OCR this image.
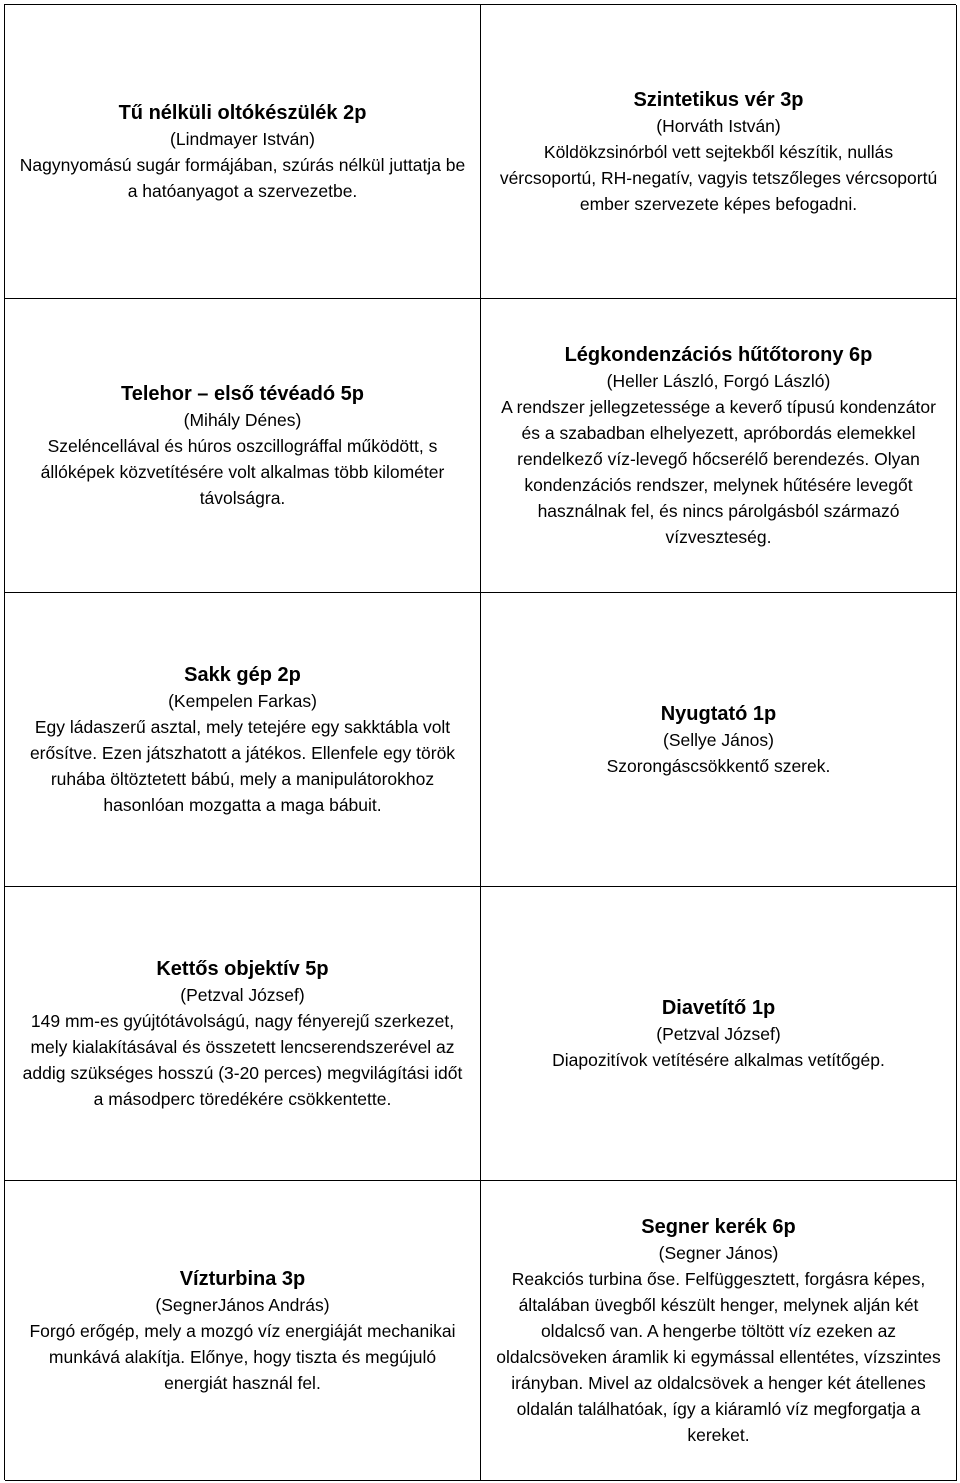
Tű nélküli oltókészülék 2p
(Lindmayer István)
Nagynyomású sugár formájában, szúrás nélkül juttatja be a hatóanyagot a szervezetbe.
Szintetikus vér 3p
(Horváth István)
Köldökzsinórból vett sejtekből készítik, nullás vércsoportú, RH-negatív, vagyis tetszőleges vércsoportú ember szervezete képes befogadni.
Telehor – első tévéadó 5p
(Mihály Dénes)
Szeléncellával és húros oszcillográffal működött, s állóképek közvetítésére volt alkalmas több kilométer távolságra.
Légkondenzációs hűtőtorony 6p
(Heller László, Forgó László)
A rendszer jellegzetessége a keverő típusú kondenzátor és a szabadban elhelyezett, apróbordás elemekkel rendelkező víz-levegő hőcserélő berendezés. Olyan kondenzációs rendszer, melynek hűtésére levegőt használnak fel, és nincs párolgásból származó vízveszteség.
Sakk gép 2p
(Kempelen Farkas)
Egy ládaszerű asztal, mely tetejére egy sakktábla volt erősítve. Ezen játszhatott a játékos. Ellenfele egy török ruhába öltöztetett bábú, mely a manipulátorokhoz hasonlóan mozgatta a maga bábuit.
Nyugtató 1p
(Sellye János)
Szorongáscsökkentő szerek.
Kettős objektív 5p
(Petzval József)
149 mm-es gyújtótávolságú, nagy fényerejű szerkezet, mely kialakításával és összetett lencserendszerével az addig szükséges hosszú (3-20 perces) megvilágítási időt a másodperc töredékére csökkentette.
Diavetítő 1p
(Petzval József)
Diapozitívok vetítésére alkalmas vetítőgép.
Vízturbina 3p
(SegnerJános András)
Forgó erőgép, mely a mozgó víz energiáját mechanikai munkává alakítja. Előnye, hogy tiszta és megújuló energiát használ fel.
Segner kerék 6p
(Segner János)
Reakciós turbina őse. Felfüggesztett, forgásra képes, általában üvegből készült henger, melynek alján két oldalcső van. A hengerbe töltött víz ezeken az oldalcsöveken áramlik ki egymással ellentétes, vízszintes irányban. Mivel az oldalcsövek a henger két átellenes oldalán találhatóak, így a kiáramló víz megforgatja a kereket.
